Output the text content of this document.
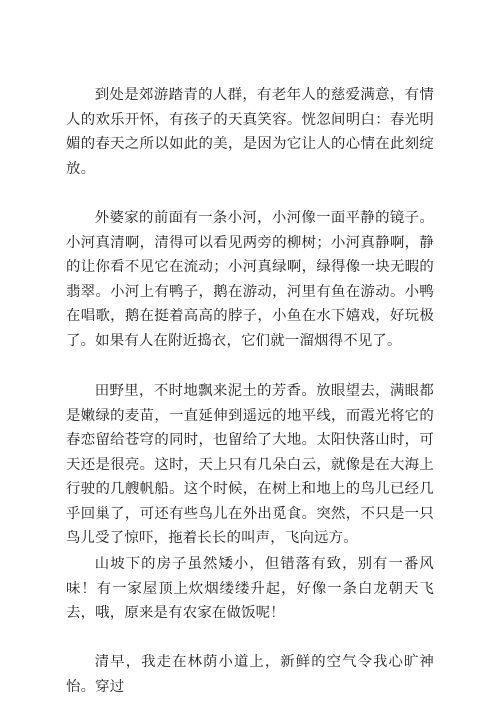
到处是郊游踏青的人群，有老年人的慈爱满意，有情人的欢乐开怀，有孩子的天真笑容。恍忽间明白：春光明媚的春天之所以如此的美，是因为它让人的心情在此刻绽放。

外婆家的前面有一条小河，小河像一面平静的镜子。小河真清啊，清得可以看见两旁的柳树；小河真静啊，静的让你看不见它在流动；小河真绿啊，绿得像一块无暇的翡翠。小河上有鸭子，鹅在游动，河里有鱼在游动。小鸭在唱歌，鹅在挺着高高的脖子，小鱼在水下嬉戏，好玩极了。如果有人在附近捣衣，它们就一溜烟得不见了。

田野里，不时地飘来泥土的芳香。放眼望去，满眼都是嫩绿的麦苗，一直延伸到遥远的地平线，而霞光将它的春恋留给苍穹的同时，也留给了大地。太阳快落山时，可天还是很亮。这时，天上只有几朵白云，就像是在大海上行驶的几艘帆船。这个时候，在树上和地上的鸟儿已经几乎回巢了，可还有些鸟儿在外出觅食。突然，不只是一只鸟儿受了惊吓，拖着长长的叫声，飞向远方。

山坡下的房子虽然矮小，但错落有致，别有一番风味！有一家屋顶上炊烟缕缕升起，好像一条白龙朝天飞去，哦，原来是有农家在做饭呢！

清早，我走在林荫小道上，新鲜的空气令我心旷神怡。穿过
